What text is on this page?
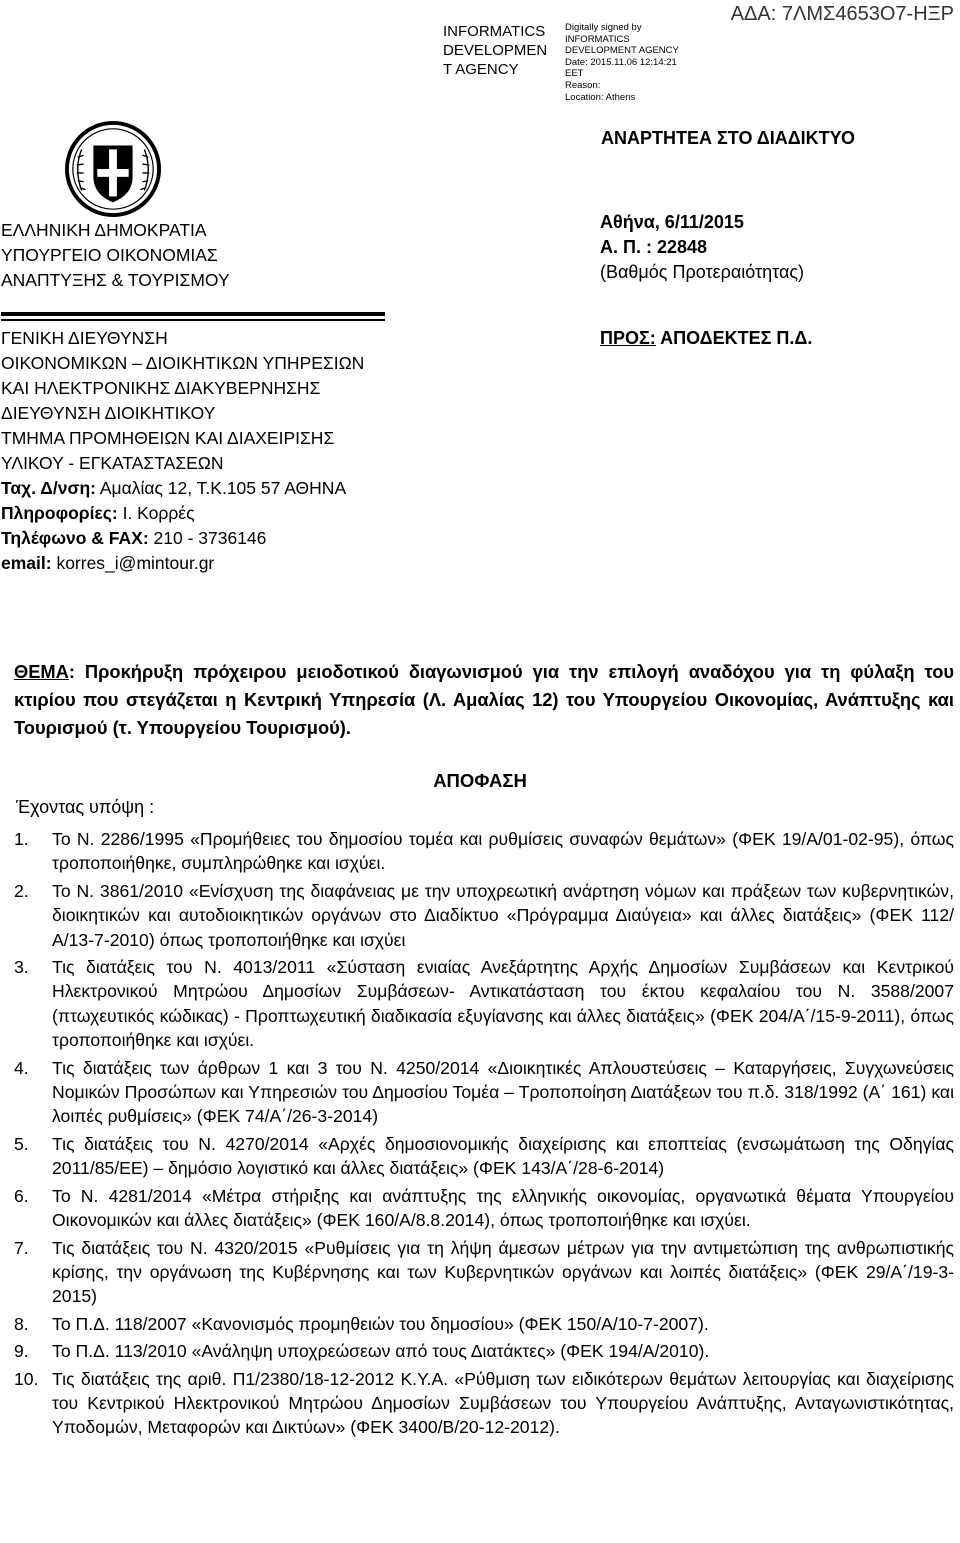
INFORMATICS
DEVELOPMEN
T AGENCY
Digitally signed by
INFORMATICS
DEVELOPMENT AGENCY
Date: 2015.11.06 12:14:21
EET
Reason:
Location: Athens
ΑΔΑ: 7ΛΜΣ4653Ο7-ΗΞΡ
ΑΝΑΡΤΗΤΕΑ ΣΤΟ ΔΙΑΔΙΚΤΥΟ
ΕΛΛΗΝΙΚΗ ΔΗΜΟΚΡΑΤΙΑ
ΥΠΟΥΡΓΕΙΟ ΟΙΚΟΝΟΜΙΑΣ
ΑΝΑΠΤΥΞΗΣ & ΤΟΥΡΙΣΜΟΥ
ΓΕΝΙΚΗ ΔΙΕΥΘΥΝΣΗ
ΟΙΚΟΝΟΜΙΚΩΝ – ΔΙΟΙΚΗΤΙΚΩΝ ΥΠΗΡΕΣΙΩΝ
ΚΑΙ ΗΛΕΚΤΡΟΝΙΚΗΣ ΔΙΑΚΥΒΕΡΝΗΣΗΣ
ΔΙΕΥΘΥΝΣΗ ΔΙΟΙΚΗΤΙΚΟΥ
ΤΜΗΜΑ ΠΡΟΜΗΘΕΙΩΝ ΚΑΙ ΔΙΑΧΕΙΡΙΣΗΣ
ΥΛΙΚΟΥ - ΕΓΚΑΤΑΣΤΑΣΕΩΝ
Ταχ. Δ/νση: Αμαλίας 12, Τ.Κ.105 57 ΑΘΗΝΑ
Πληροφορίες: Ι. Κορρές
Τηλέφωνο & FAX: 210 - 3736146
email: korres_i@mintour.gr
Αθήνα, 6/11/2015
Α. Π. : 22848
(Βαθμός Προτεραιότητας)
ΠΡΟΣ: ΑΠΟΔΕΚΤΕΣ Π.Δ.
ΘΕΜΑ: Προκήρυξη πρόχειρου μειοδοτικού διαγωνισμού για την επιλογή αναδόχου για τη φύλαξη του κτιρίου που στεγάζεται η Κεντρική Υπηρεσία (Λ. Αμαλίας 12) του Υπουργείου Οικονομίας, Ανάπτυξης και Τουρισμού (τ. Υπουργείου Τουρισμού).
ΑΠΟΦΑΣΗ
Έχοντας υπόψη :
1.	Το Ν. 2286/1995 «Προμήθειες του δημοσίου τομέα και ρυθμίσεις συναφών θεμάτων» (ΦΕΚ 19/Α/01-02-95), όπως τροποποιήθηκε, συμπληρώθηκε και ισχύει.
2.	Το Ν. 3861/2010 «Ενίσχυση της διαφάνειας με την υποχρεωτική ανάρτηση νόμων και πράξεων των κυβερνητικών, διοικητικών και αυτοδιοικητικών οργάνων στο Διαδίκτυο «Πρόγραμμα Διαύγεια» και άλλες διατάξεις» (ΦΕΚ 112/Α/13-7-2010) όπως τροποποιήθηκε και ισχύει
3.	Τις διατάξεις του Ν. 4013/2011 «Σύσταση ενιαίας Ανεξάρτητης Αρχής Δημοσίων Συμβάσεων και Κεντρικού Ηλεκτρονικού Μητρώου Δημοσίων Συμβάσεων- Αντικατάσταση του έκτου κεφαλαίου του Ν. 3588/2007 (πτωχευτικός κώδικας) - Προπτωχευτική διαδικασία εξυγίανσης και άλλες διατάξεις» (ΦΕΚ 204/Α΄/15-9-2011), όπως τροποποιήθηκε και ισχύει.
4.	Τις διατάξεις των άρθρων 1 και 3 του Ν. 4250/2014 «Διοικητικές Απλουστεύσεις – Καταργήσεις, Συγχωνεύσεις Νομικών Προσώπων και Υπηρεσιών του Δημοσίου Τομέα – Τροποποίηση Διατάξεων του π.δ. 318/1992 (Α΄ 161) και λοιπές ρυθμίσεις» (ΦΕΚ 74/Α΄/26-3-2014)
5.	Τις διατάξεις του Ν. 4270/2014 «Αρχές δημοσιονομικής διαχείρισης και εποπτείας (ενσωμάτωση της Οδηγίας 2011/85/ΕΕ) – δημόσιο λογιστικό και άλλες διατάξεις» (ΦΕΚ 143/Α΄/28-6-2014)
6.	Το Ν. 4281/2014 «Μέτρα στήριξης και ανάπτυξης της ελληνικής οικονομίας, οργανωτικά θέματα Υπουργείου Οικονομικών και άλλες διατάξεις» (ΦΕΚ 160/Α/8.8.2014), όπως τροποποιήθηκε και ισχύει.
7.	Τις διατάξεις του Ν. 4320/2015 «Ρυθμίσεις για τη λήψη άμεσων μέτρων για την αντιμετώπιση της ανθρωπιστικής κρίσης, την οργάνωση της Κυβέρνησης και των Κυβερνητικών οργάνων και λοιπές διατάξεις» (ΦΕΚ 29/Α΄/19-3-2015)
8.	Το Π.Δ. 118/2007 «Κανονισμός προμηθειών του δημοσίου» (ΦΕΚ 150/Α/10-7-2007).
9.	Το Π.Δ. 113/2010 «Ανάληψη υποχρεώσεων από τους Διατάκτες» (ΦΕΚ 194/Α/2010).
10. Τις διατάξεις της αριθ. Π1/2380/18-12-2012 Κ.Υ.Α. «Ρύθμιση των ειδικότερων θεμάτων λειτουργίας και διαχείρισης του Κεντρικού Ηλεκτρονικού Μητρώου Δημοσίων Συμβάσεων του Υπουργείου Ανάπτυξης, Ανταγωνιστικότητας, Υποδομών, Μεταφορών και Δικτύων» (ΦΕΚ 3400/Β/20-12-2012).
